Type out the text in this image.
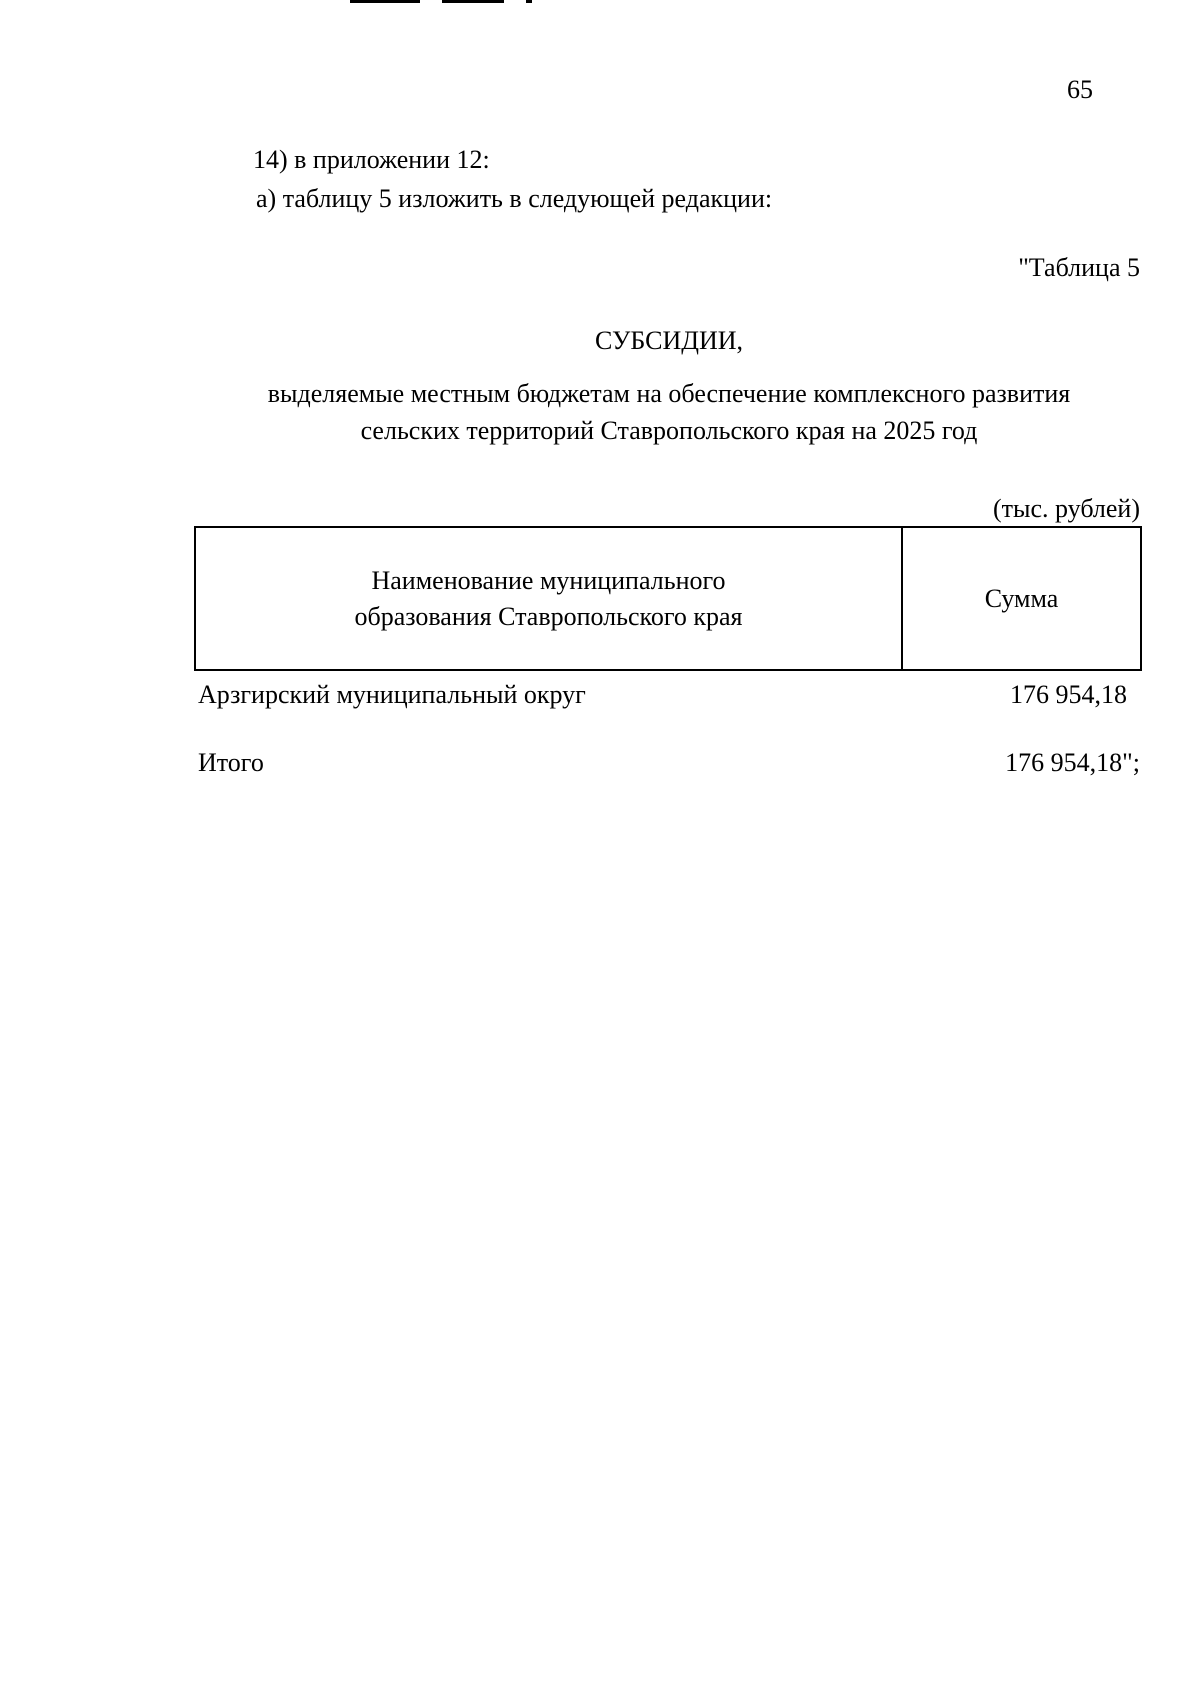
65
14) в приложении 12:
а) таблицу 5 изложить в следующей редакции:
"Таблица 5
СУБСИДИИ,
выделяемые местным бюджетам на обеспечение комплексного развития
сельских территорий Ставропольского края на 2025 год
(тыс. рублей)
Наименование муниципального
образования Ставропольского края
Сумма
Арзгирский муниципальный округ	176 954,18
Итого	176 954,18";
